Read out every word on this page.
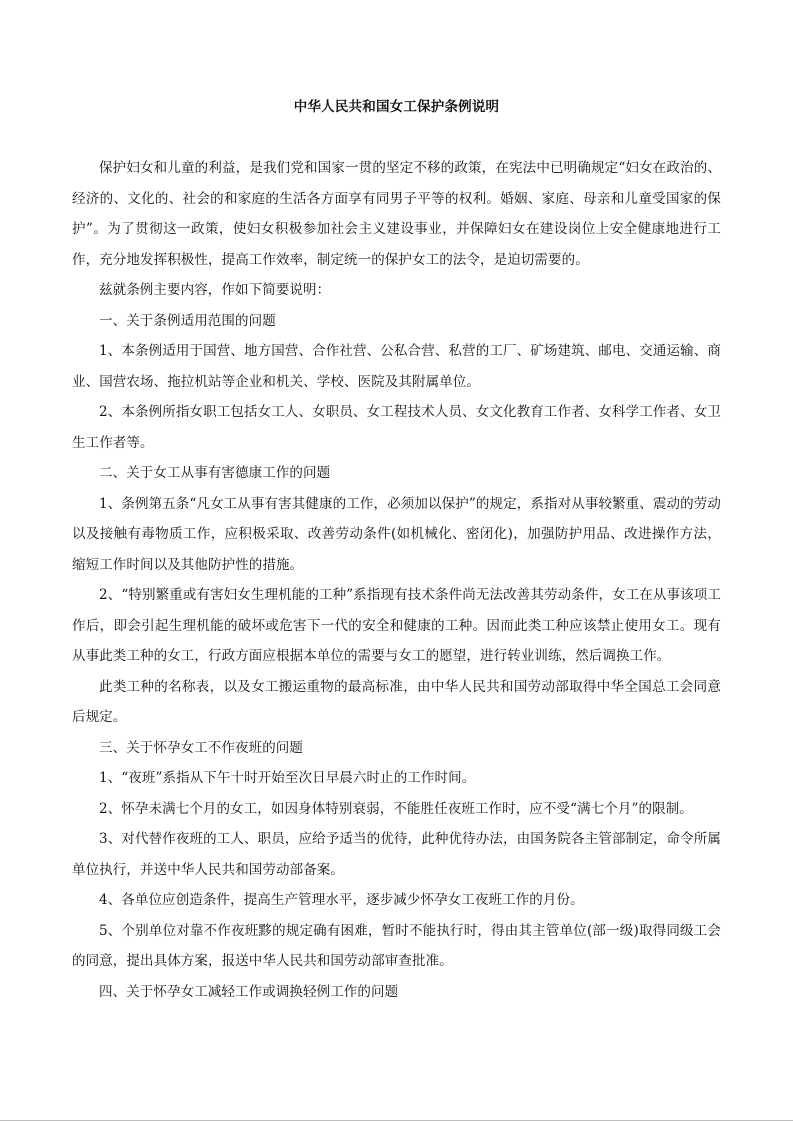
中华人民共和国女工保护条例说明

保护妇女和儿童的利益，是我们党和国家一贯的坚定不移的政策，在宪法中已明确规定“妇女在政治的、经济的、文化的、社会的和家庭的生活各方面享有同男子平等的权利。婚姻、家庭、母亲和儿童受国家的保护”。为了贯彻这一政策，使妇女积极参加社会主义建设事业，并保障妇女在建设岗位上安全健康地进行工作，充分地发挥积极性，提高工作效率，制定统一的保护女工的法令，是迫切需要的。

兹就条例主要内容，作如下简要说明：

一、关于条例适用范围的问题

1、本条例适用于国营、地方国营、合作社营、公私合营、私营的工厂、矿场建筑、邮电、交通运输、商业、国营农场、拖拉机站等企业和机关、学校、医院及其附属单位。

2、本条例所指女职工包括女工人、女职员、女工程技术人员、女文化教育工作者、女科学工作者、女卫生工作者等。

二、关于女工从事有害德康工作的问题

1、条例第五条“凡女工从事有害其健康的工作，必须加以保护”的规定，系指对从事较繁重、震动的劳动以及接触有毒物质工作，应积极采取、改善劳动条件(如机械化、密闭化)，加强防护用品、改进操作方法，缩短工作时间以及其他防护性的措施。

2、“特别繁重或有害妇女生理机能的工种”系指现有技术条件尚无法改善其劳动条件，女工在从事该项工作后，即会引起生理机能的破坏或危害下一代的安全和健康的工种。因而此类工种应该禁止使用女工。现有从事此类工种的女工，行政方面应根据本单位的需要与女工的愿望，进行转业训练，然后调换工作。

此类工种的名称表，以及女工搬运重物的最高标准，由中华人民共和国劳动部取得中华全国总工会同意后规定。

三、关于怀孕女工不作夜班的问题

1、“夜班”系指从下午十时开始至次日早晨六时止的工作时间。

2、怀孕未满七个月的女工，如因身体特别衰弱，不能胜任夜班工作时，应不受“满七个月”的限制。

3、对代替作夜班的工人、职员，应给予适当的优待，此种优待办法，由国务院各主管部制定，命令所属单位执行，并送中华人民共和国劳动部备案。

4、各单位应创造条件，提高生产管理水平，逐步减少怀孕女工夜班工作的月份。

5、个别单位对靠不作夜班黟的规定确有困难，暂时不能执行时，得由其主管单位(部一级)取得同级工会的同意，提出具体方案，报送中华人民共和国劳动部审查批准。

四、关于怀孕女工减轻工作或调换轻例工作的问题
